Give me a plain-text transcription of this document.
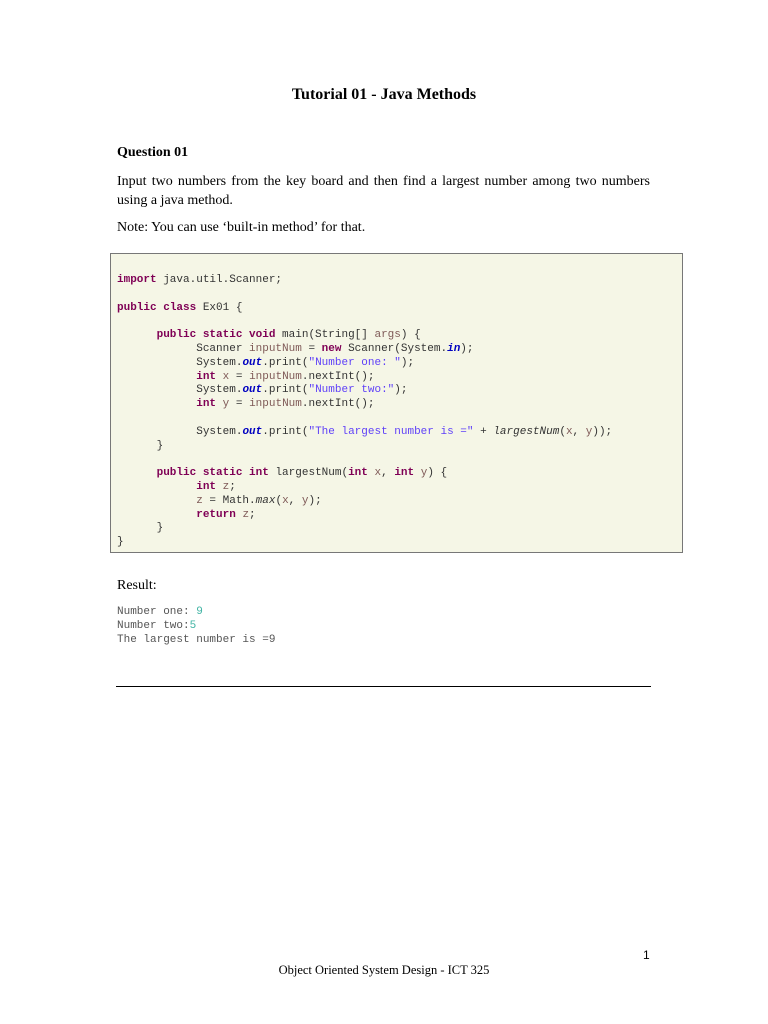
Tutorial 01 - Java Methods
Question 01
Input two numbers from the key board and then find a largest number among two numbers using a java method.
Note: You can use ‘built-in method’ for that.
import java.util.Scanner;

public class Ex01 {

public static void main(String[] args) {
Scanner inputNum = new Scanner(System.in);
System.out.print("Number one: ");
int x = inputNum.nextInt();
System.out.print("Number two:");
int y = inputNum.nextInt();

System.out.print("The largest number is =" + largestNum(x, y));
}

public static int largestNum(int x, int y) {
int z;
z = Math.max(x, y);
return z;
}
}
Result:
Number one: 9
Number two:5
The largest number is =9
1
Object Oriented System Design - ICT 325
